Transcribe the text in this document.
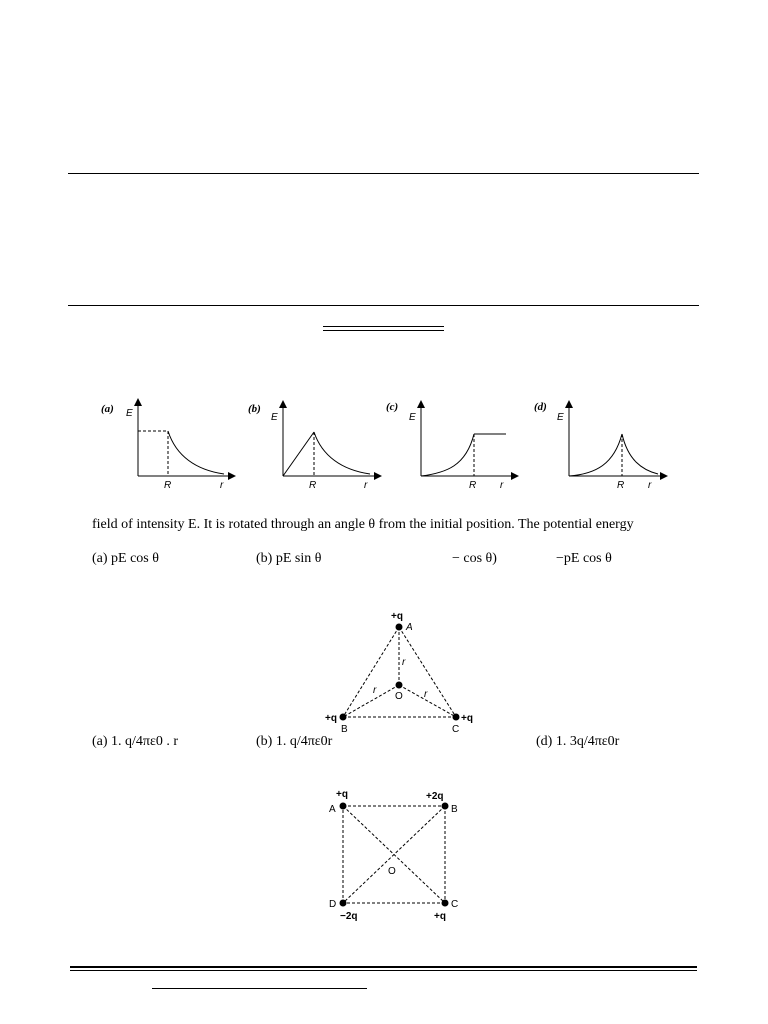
(a) E
R	r
(b)
E
R	r
(c)
E
R r
(d)
E
R r
field of intensity E. It is rotated through an angle θ from the initial position. The potential energy
(a) pE cos θ	(b) pE sin θ	− cos θ)	−pE cos θ
+q
A
+q
B
+q
C
O
r
r	r
(a) 1. q/4πε0 . r	(b) 1. q/4πε0r	(d) 1. 3q/4πε0r
+q
A
+2q
B
C
+q
D
−2q
O
